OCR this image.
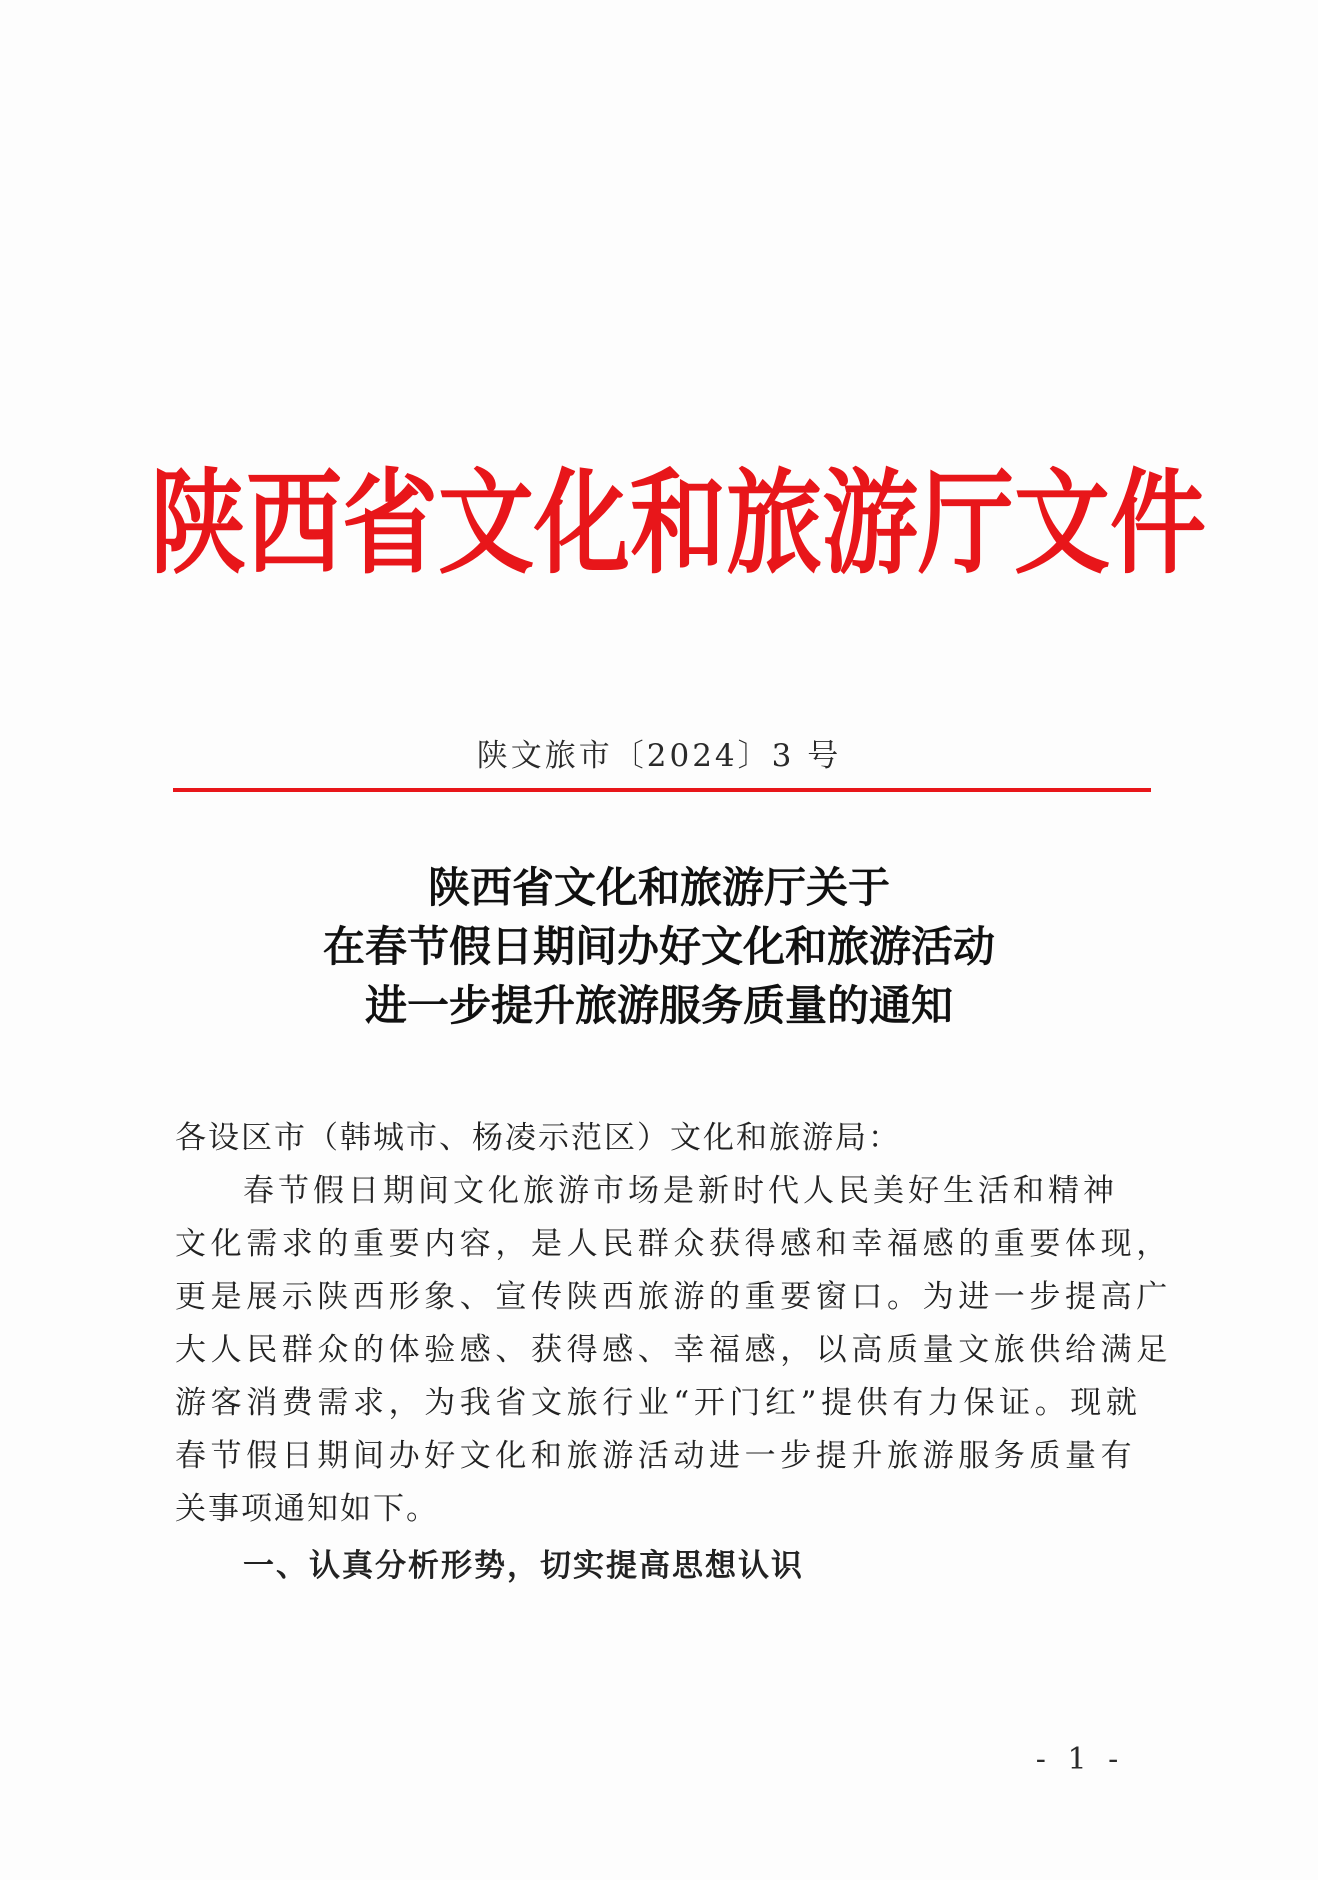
陕西省文化和旅游厅文件
陕文旅市〔2024〕3 号
陕西省文化和旅游厅关于
在春节假日期间办好文化和旅游活动
进一步提升旅游服务质量的通知
各设区市（韩城市、杨凌示范区）文化和旅游局：
春节假日期间文化旅游市场是新时代人民美好生活和精神
文化需求的重要内容，是人民群众获得感和幸福感的重要体现，
更是展示陕西形象、宣传陕西旅游的重要窗口。为进一步提高广
大人民群众的体验感、获得感、幸福感，以高质量文旅供给满足
游客消费需求，为我省文旅行业“开门红”提供有力保证。现就
春节假日期间办好文化和旅游活动进一步提升旅游服务质量有
关事项通知如下。
一、认真分析形势，切实提高思想认识
- 1 -
